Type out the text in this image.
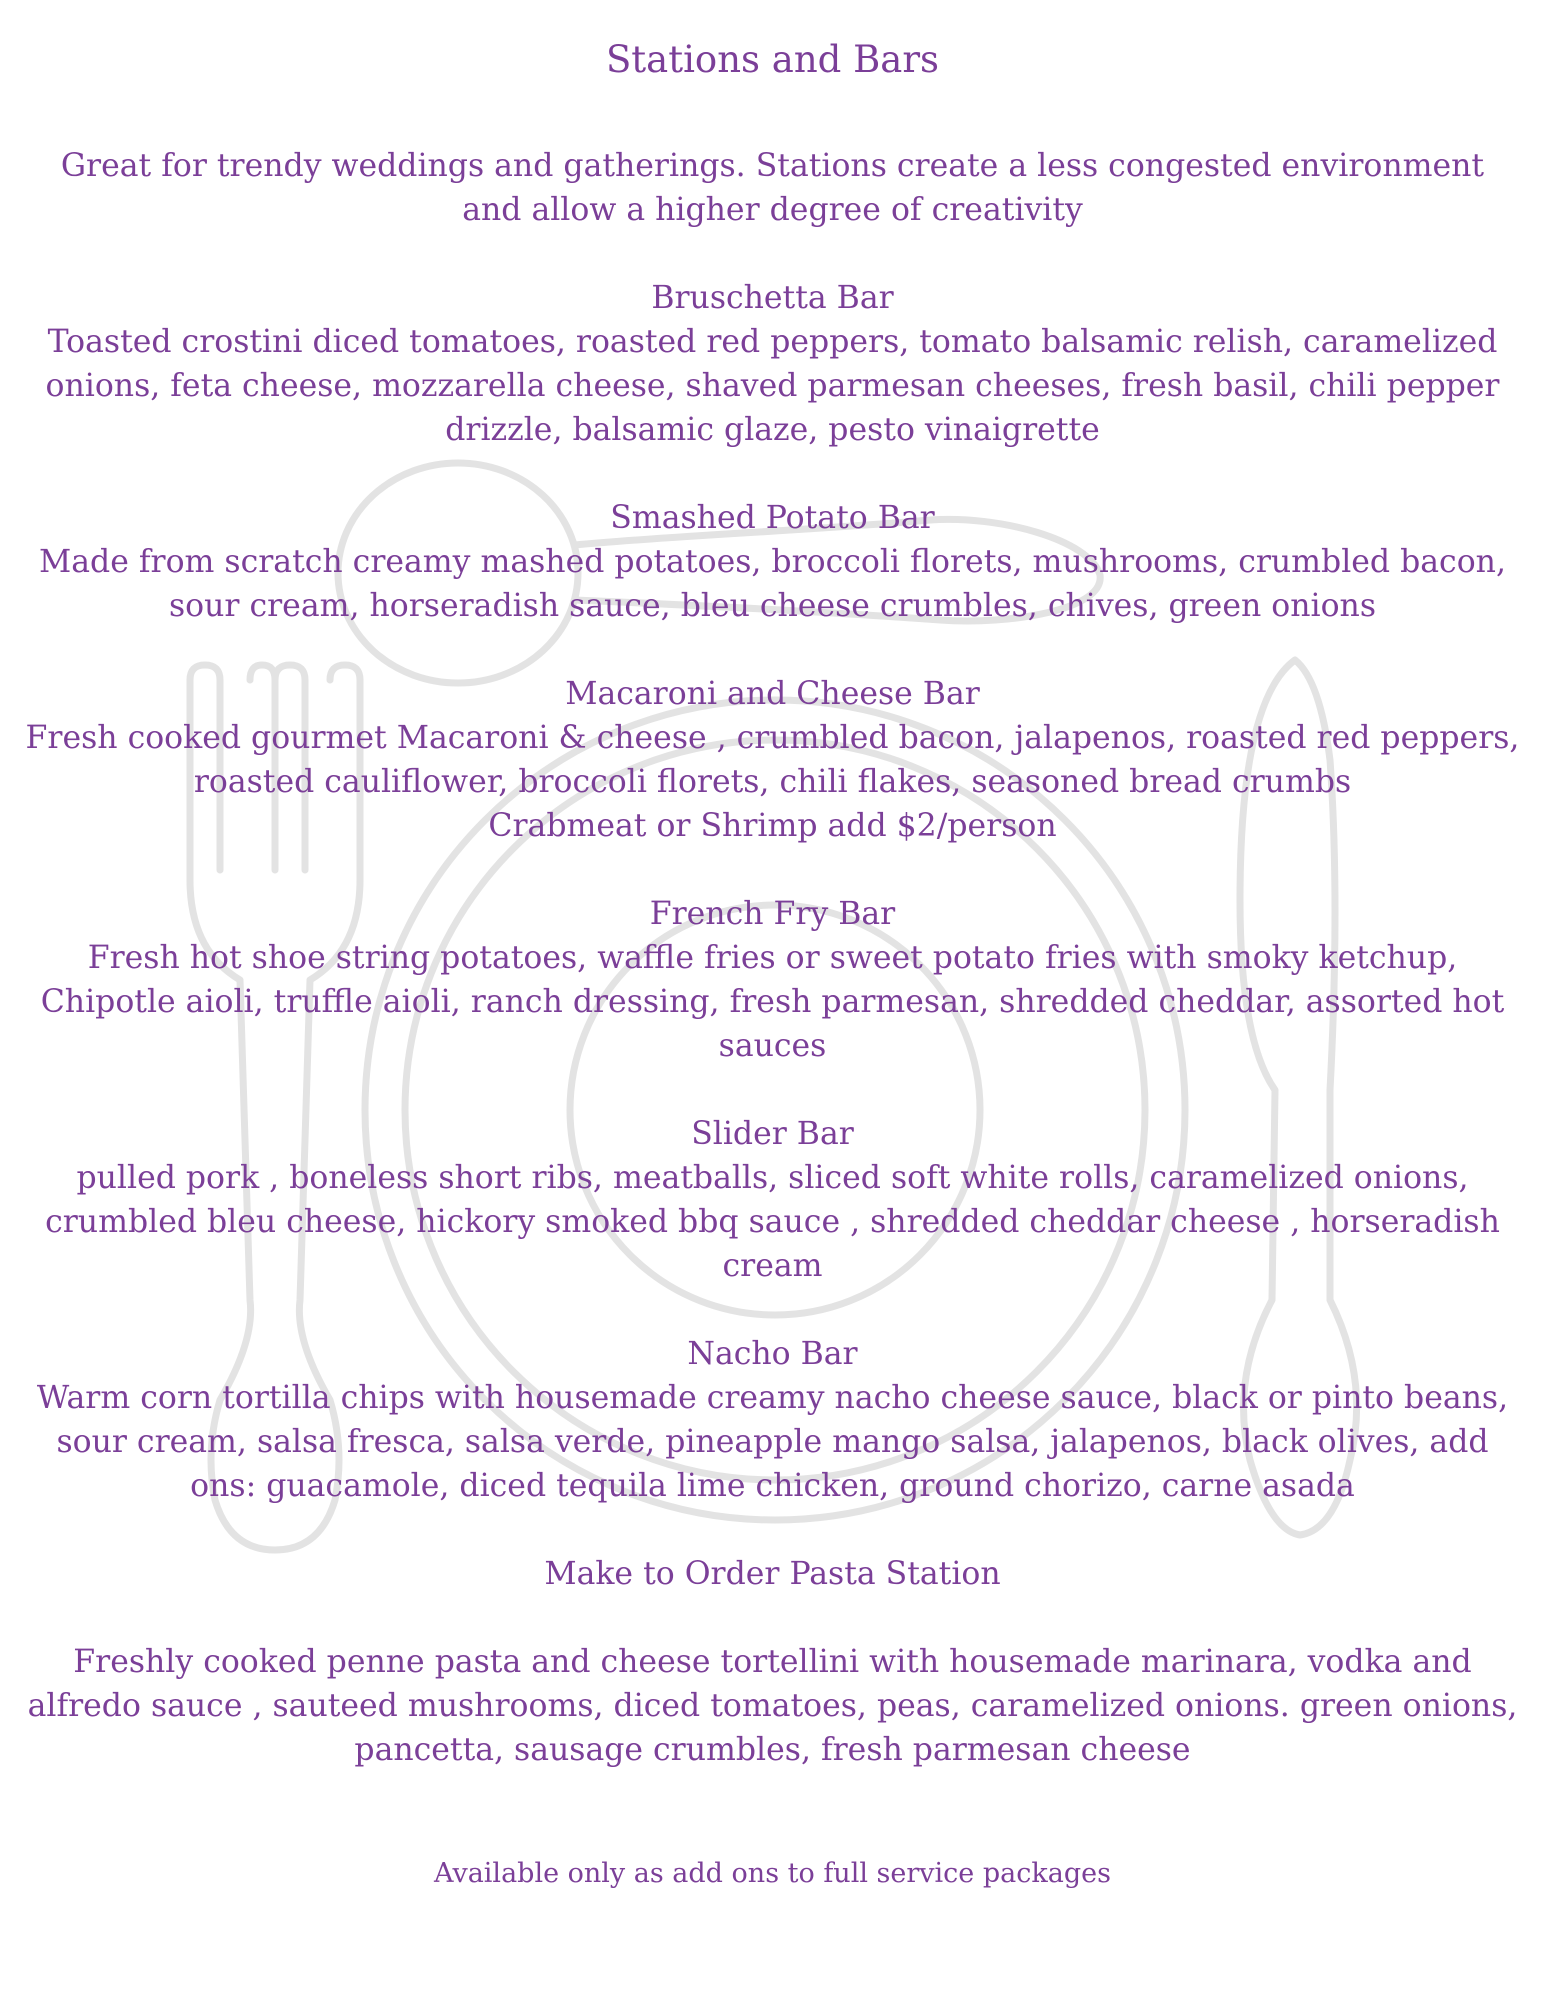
Stations and Bars
Great for trendy weddings and gatherings. Stations create a less congested environment
and allow a higher degree of creativity
Bruschetta Bar
Toasted crostini diced tomatoes, roasted red peppers, tomato balsamic relish, caramelized
onions, feta cheese, mozzarella cheese, shaved parmesan cheeses, fresh basil, chili pepper
drizzle, balsamic glaze, pesto vinaigrette
Smashed Potato Bar
Made from scratch creamy mashed potatoes, broccoli florets, mushrooms, crumbled bacon,
sour cream, horseradish sauce, bleu cheese crumbles, chives, green onions
Macaroni and Cheese Bar
Fresh cooked gourmet Macaroni & cheese , crumbled bacon, jalapenos, roasted red peppers,
roasted cauliflower, broccoli florets, chili flakes, seasoned bread crumbs
Crabmeat or Shrimp add $2/person
French Fry Bar
Fresh hot shoe string potatoes, waffle fries or sweet potato fries with smoky ketchup,
Chipotle aioli, truffle aioli, ranch dressing, fresh parmesan, shredded cheddar, assorted hot
sauces
Slider Bar
pulled pork , boneless short ribs, meatballs, sliced soft white rolls, caramelized onions,
crumbled bleu cheese, hickory smoked bbq sauce , shredded cheddar cheese , horseradish
cream
Nacho Bar
Warm corn tortilla chips with housemade creamy nacho cheese sauce, black or pinto beans,
sour cream, salsa fresca, salsa verde, pineapple mango salsa, jalapenos, black olives, add
ons: guacamole, diced tequila lime chicken, ground chorizo, carne asada
Make to Order Pasta Station
Freshly cooked penne pasta and cheese tortellini with housemade marinara, vodka and
alfredo sauce , sauteed mushrooms, diced tomatoes, peas, caramelized onions. green onions,
pancetta, sausage crumbles, fresh parmesan cheese
Available only as add ons to full service packages
